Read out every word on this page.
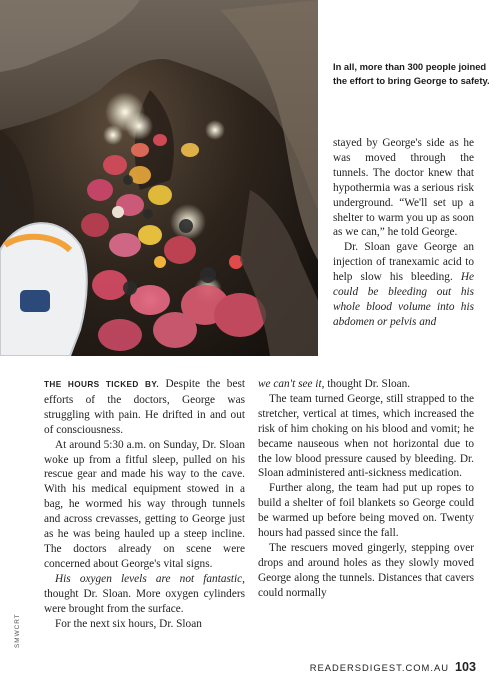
In all, more than 300 people joined the effort to bring George to safety.

stayed by George's side as he was moved through the tunnels. The doctor knew that hypothermia was a serious risk underground. “We'll set up a shelter to warm you up as soon as we can,” he told George.

Dr. Sloan gave George an injection of tranexamic acid to help slow his bleeding. He could be bleeding out his whole blood volume into his abdomen or pelvis and

THE HOURS TICKED BY. Despite the best efforts of the doctors, George was struggling with pain. He drifted in and out of consciousness.

At around 5:30 a.m. on Sunday, Dr. Sloan woke up from a fitful sleep, pulled on his rescue gear and made his way to the cave. With his medical equipment stowed in a bag, he wormed his way through tunnels and across crevasses, getting to George just as he was being hauled up a steep incline. The doctors already on scene were concerned about George's vital signs.

His oxygen levels are not fantastic, thought Dr. Sloan. More oxygen cylinders were brought from the surface.

For the next six hours, Dr. Sloan

we can't see it, thought Dr. Sloan.

The team turned George, still strapped to the stretcher, vertical at times, which increased the risk of him choking on his blood and vomit; he became nauseous when not horizontal due to the low blood pressure caused by bleeding. Dr. Sloan administered anti-sickness medication.

Further along, the team had put up ropes to build a shelter of foil blankets so George could be warmed up before being moved on. Twenty hours had passed since the fall.

The rescuers moved gingerly, stepping over drops and around holes as they slowly moved George along the tunnels. Distances that cavers could normally

SMWCRT
READERSDIGEST.COM.AU 103
